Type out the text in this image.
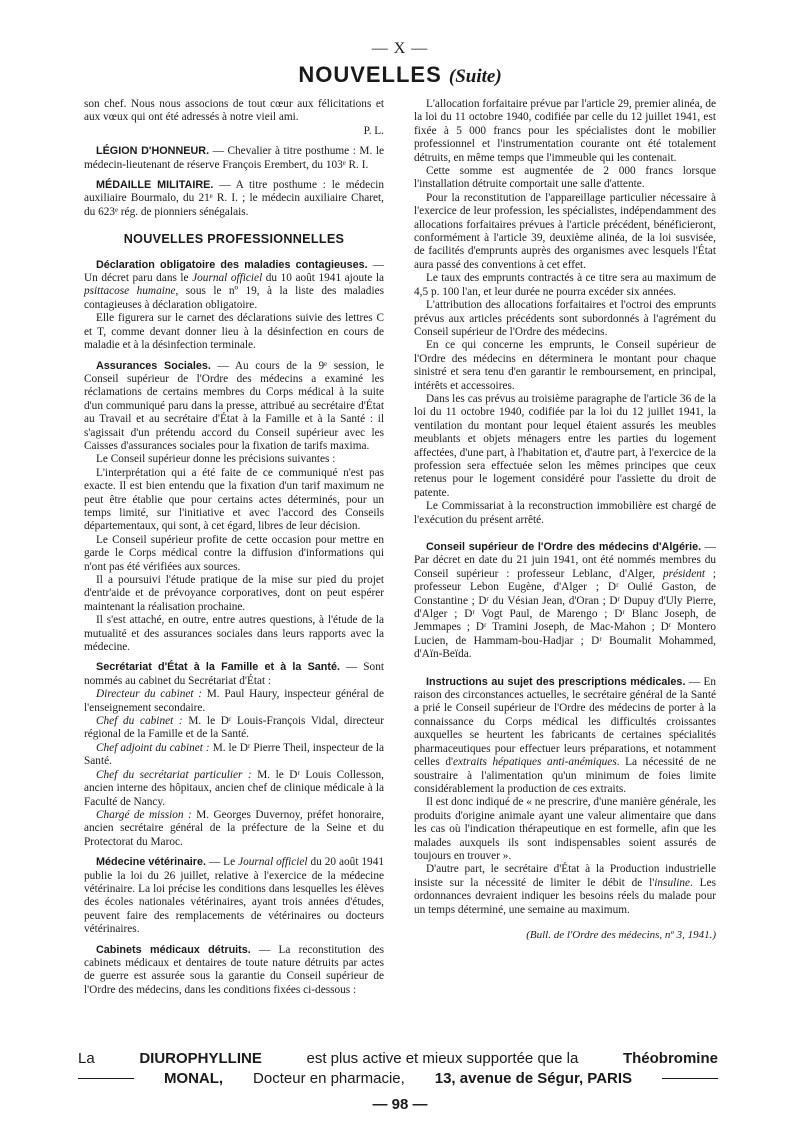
— X —
NOUVELLES (Suite)

son chef. Nous nous associons de tout cœur aux félicitations et aux vœux qui ont été adressés à notre vieil ami.
P. L.

LÉGION D'HONNEUR. — Chevalier à titre posthume : M. le médecin-lieutenant de réserve François Erembert, du 103ᵉ R. I.

MÉDAILLE MILITAIRE. — A titre posthume : le médecin auxiliaire Bourmalo, du 21ᵉ R. I. ; le médecin auxiliaire Charet, du 623ᵉ rég. de pionniers sénégalais.

NOUVELLES PROFESSIONNELLES

Déclaration obligatoire des maladies contagieuses. — Un décret paru dans le Journal officiel du 10 août 1941 ajoute la psittacose humaine, sous le nº 19, à la liste des maladies contagieuses à déclaration obligatoire.

Elle figurera sur le carnet des déclarations suivie des lettres C et T, comme devant donner lieu à la désinfection en cours de maladie et à la désinfection terminale.

Assurances Sociales. — Au cours de la 9ᵉ session, le Conseil supérieur de l'Ordre des médecins a examiné les réclamations de certains membres du Corps médical à la suite d'un communiqué paru dans la presse, attribué au secrétaire d'État au Travail et au secrétaire d'État à la Famille et à la Santé : il s'agissait d'un prétendu accord du Conseil supérieur avec les Caisses d'assurances sociales pour la fixation de tarifs maxima.

Le Conseil supérieur donne les précisions suivantes :

L'interprétation qui a été faite de ce communiqué n'est pas exacte. Il est bien entendu que la fixation d'un tarif maximum ne peut être établie que pour certains actes déterminés, pour un temps limité, sur l'initiative et avec l'accord des Conseils départementaux, qui sont, à cet égard, libres de leur décision.

Le Conseil supérieur profite de cette occasion pour mettre en garde le Corps médical contre la diffusion d'informations qui n'ont pas été vérifiées aux sources.

Il a poursuivi l'étude pratique de la mise sur pied du projet d'entr'aide et de prévoyance corporatives, dont on peut espérer maintenant la réalisation prochaine.

Il s'est attaché, en outre, entre autres questions, à l'étude de la mutualité et des assurances sociales dans leurs rapports avec la médecine.

Secrétariat d'État à la Famille et à la Santé. — Sont nommés au cabinet du Secrétariat d'État :

Directeur du cabinet : M. Paul Haury, inspecteur général de l'enseignement secondaire.

Chef du cabinet : M. le Dʳ Louis-François Vidal, directeur régional de la Famille et de la Santé.

Chef adjoint du cabinet : M. le Dʳ Pierre Theil, inspecteur de la Santé.

Chef du secrétariat particulier : M. le Dʳ Louis Collesson, ancien interne des hôpitaux, ancien chef de clinique médicale à la Faculté de Nancy.

Chargé de mission : M. Georges Duvernoy, préfet honoraire, ancien secrétaire général de la préfecture de la Seine et du Protectorat du Maroc.

Médecine vétérinaire. — Le Journal officiel du 20 août 1941 publie la loi du 26 juillet, relative à l'exercice de la médecine vétérinaire. La loi précise les conditions dans lesquelles les élèves des écoles nationales vétérinaires, ayant trois années d'études, peuvent faire des remplacements de vétérinaires ou docteurs vétérinaires.

Cabinets médicaux détruits. — La reconstitution des cabinets médicaux et dentaires de toute nature détruits par actes de guerre est assurée sous la garantie du Conseil supérieur de l'Ordre des médecins, dans les conditions fixées ci-dessous :

L'allocation forfaitaire prévue par l'article 29, premier alinéa, de la loi du 11 octobre 1940, codifiée par celle du 12 juillet 1941, est fixée à 5 000 francs pour les spécialistes dont le mobilier professionnel et l'instrumentation courante ont été totalement détruits, en même temps que l'immeuble qui les contenait.

Cette somme est augmentée de 2 000 francs lorsque l'installation détruite comportait une salle d'attente.

Pour la reconstitution de l'appareillage particulier nécessaire à l'exercice de leur profession, les spécialistes, indépendamment des allocations forfaitaires prévues à l'article précédent, bénéficieront, conformément à l'article 39, deuxième alinéa, de la loi susvisée, de facilités d'emprunts auprès des organismes avec lesquels l'État aura passé des conventions à cet effet.

Le taux des emprunts contractés à ce titre sera au maximum de 4,5 p. 100 l'an, et leur durée ne pourra excéder six années.

L'attribution des allocations forfaitaires et l'octroi des emprunts prévus aux articles précédents sont subordonnés à l'agrément du Conseil supérieur de l'Ordre des médecins.

En ce qui concerne les emprunts, le Conseil supérieur de l'Ordre des médecins en déterminera le montant pour chaque sinistré et sera tenu d'en garantir le remboursement, en principal, intérêts et accessoires.

Dans les cas prévus au troisième paragraphe de l'article 36 de la loi du 11 octobre 1940, codifiée par la loi du 12 juillet 1941, la ventilation du montant pour lequel étaient assurés les meubles meublants et objets ménagers entre les parties du logement affectées, d'une part, à l'habitation et, d'autre part, à l'exercice de la profession sera effectuée selon les mêmes principes que ceux retenus pour le logement considéré pour l'assiette du droit de patente.

Le Commissariat à la reconstruction immobilière est chargé de l'exécution du présent arrêté.

Conseil supérieur de l'Ordre des médecins d'Algérie. — Par décret en date du 21 juin 1941, ont été nommés membres du Conseil supérieur : professeur Leblanc, d'Alger, président ; professeur Lebon Eugène, d'Alger ; Dʳ Oulié Gaston, de Constantine ; Dʳ du Vésian Jean, d'Oran ; Dʳ Dupuy d'Uly Pierre, d'Alger ; Dʳ Vogt Paul, de Marengo ; Dʳ Blanc Joseph, de Jemmapes ; Dʳ Tramini Joseph, de Mac-Mahon ; Dʳ Montero Lucien, de Hammam-bou-Hadjar ; Dʳ Boumalit Mohammed, d'Aïn-Beïda.

Instructions au sujet des prescriptions médicales. — En raison des circonstances actuelles, le secrétaire général de la Santé a prié le Conseil supérieur de l'Ordre des médecins de porter à la connaissance du Corps médical les difficultés croissantes auxquelles se heurtent les fabricants de certaines spécialités pharmaceutiques pour effectuer leurs préparations, et notamment celles d'extraits hépatiques anti-anémiques. La nécessité de ne soustraire à l'alimentation qu'un minimum de foies limite considérablement la production de ces extraits.

Il est donc indiqué de « ne prescrire, d'une manière générale, les produits d'origine animale ayant une valeur alimentaire que dans les cas où l'indication thérapeutique en est formelle, afin que les malades auxquels ils sont indispensables soient assurés de toujours en trouver ».

D'autre part, le secrétaire d'État à la Production industrielle insiste sur la nécessité de limiter le débit de l'insuline. Les ordonnances devraient indiquer les besoins réels du malade pour un temps déterminé, une semaine au maximum.

(Bull. de l'Ordre des médecins, nº 3, 1941.)
La	DIUROPHYLLINE	est plus active et mieux supportée que la	Théobromine
MONAL, Docteur en pharmacie, 13, avenue de Ségur, PARIS
— 98 —
